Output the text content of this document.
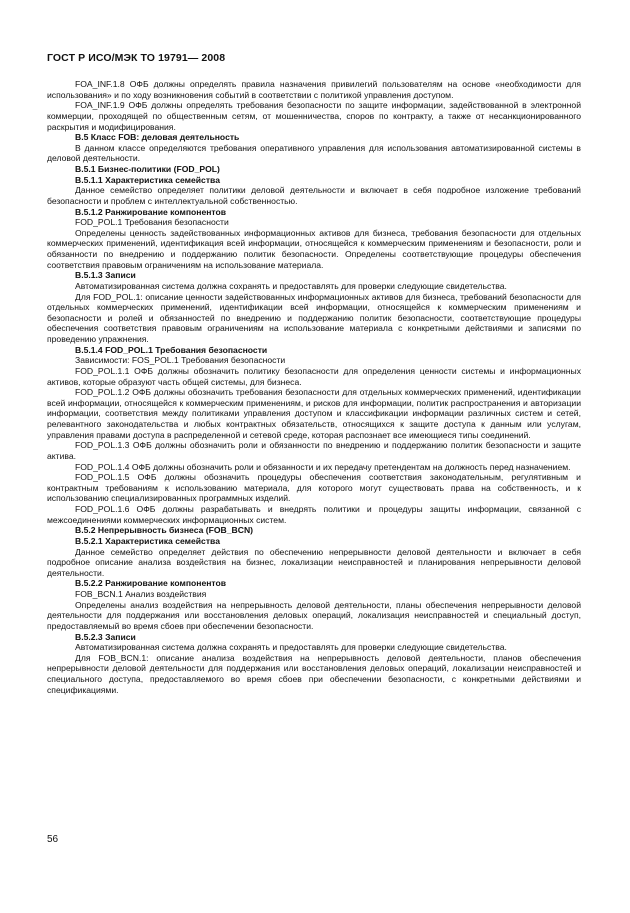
ГОСТ Р ИСО/МЭК ТО 19791— 2008
FOA_INF.1.8 ОФБ должны определять правила назначения привилегий пользователям на основе «необходимости для использования» и по ходу возникновения событий в соответствии с политикой управления доступом.
FOA_INF.1.9 ОФБ должны определять требования безопасности по защите информации, задействованной в электронной коммерции, проходящей по общественным сетям, от мошенничества, споров по контракту, а также от несанкционированного раскрытия и модифицирования.
В.5 Класс FOB: деловая деятельность
В данном классе определяются требования оперативного управления для использования автоматизированной системы в деловой деятельности.
В.5.1 Бизнес-политики (FOD_POL)
В.5.1.1 Характеристика семейства
Данное семейство определяет политики деловой деятельности и включает в себя подробное изложение требований безопасности и проблем с интеллектуальной собственностью.
В.5.1.2 Ранжирование компонентов
FOD_POL.1 Требования безопасности
Определены ценность задействованных информационных активов для бизнеса, требования безопасности для отдельных коммерческих применений, идентификация всей информации, относящейся к коммерческим применениям и безопасности, роли и обязанности по внедрению и поддержанию политик безопасности. Определены соответствующие процедуры обеспечения соответствия правовым ограничениям на использование материала.
В.5.1.3 Записи
Автоматизированная система должна сохранять и предоставлять для проверки следующие свидетельства.
Для FOD_POL.1: описание ценности задействованных информационных активов для бизнеса, требований безопасности для отдельных коммерческих применений, идентификации всей информации, относящейся к коммерческим применениям и безопасности и ролей и обязанностей по внедрению и поддержанию политик безопасности, соответствующие процедуры обеспечения соответствия правовым ограничениям на использование материала с конкретными действиями и записями по проведению упражнения.
В.5.1.4 FOD_POL.1 Требования безопасности
Зависимости: FOS_POL.1 Требования безопасности
FOD_POL.1.1 ОФБ должны обозначить политику безопасности для определения ценности системы и информационных активов, которые образуют часть общей системы, для бизнеса.
FOD_POL.1.2 ОФБ должны обозначить требования безопасности для отдельных коммерческих применений, идентификации всей информации, относящейся к коммерческим применениям, и рисков для информации, политик распространения и авторизации информации, соответствия между политиками управления доступом и классификации информации различных систем и сетей, релевантного законодательства и любых контрактных обязательств, относящихся к защите доступа к данным или услугам, управления правами доступа в распределенной и сетевой среде, которая распознает все имеющиеся типы соединений.
FOD_POL.1.3 ОФБ должны обозначить роли и обязанности по внедрению и поддержанию политик безопасности и защите актива.
FOD_POL.1.4 ОФБ должны обозначить роли и обязанности и их передачу претендентам на должность перед назначением.
FOD_POL.1.5 ОФБ должны обозначить процедуры обеспечения соответствия законодательным, регулятивным и контрактным требованиям к использованию материала, для которого могут существовать права на собственность, и к использованию специализированных программных изделий.
FOD_POL.1.6 ОФБ должны разрабатывать и внедрять политики и процедуры защиты информации, связанной с межсоединениями коммерческих информационных систем.
В.5.2 Непрерывность бизнеса (FOB_BCN)
В.5.2.1 Характеристика семейства
Данное семейство определяет действия по обеспечению непрерывности деловой деятельности и включает в себя подробное описание анализа воздействия на бизнес, локализации неисправностей и планирования непрерывности деловой деятельности.
В.5.2.2 Ранжирование компонентов
FOB_BCN.1 Анализ воздействия
Определены анализ воздействия на непрерывность деловой деятельности, планы обеспечения непрерывности деловой деятельности для поддержания или восстановления деловых операций, локализация неисправностей и специальный доступ, предоставляемый во время сбоев при обеспечении безопасности.
В.5.2.3 Записи
Автоматизированная система должна сохранять и предоставлять для проверки следующие свидетельства.
Для FOB_BCN.1: описание анализа воздействия на непрерывность деловой деятельности, планов обеспечения непрерывности деловой деятельности для поддержания или восстановления деловых операций, локализации неисправностей и специального доступа, предоставляемого во время сбоев при обеспечении безопасности, с конкретными действиями и спецификациями.
56
